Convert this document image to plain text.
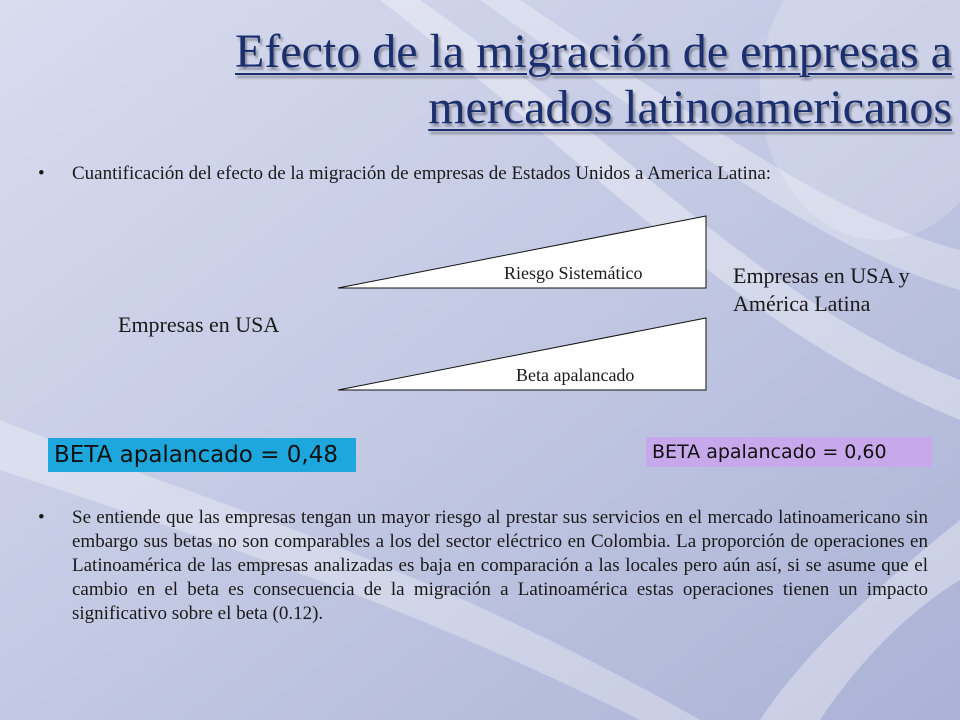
Efecto de la migración de empresas a
mercados latinoamericanos
• Cuantificación del efecto de la migración de empresas de Estados Unidos a America Latina:
Riesgo Sistemático
Beta apalancado
Empresas en USA
Empresas en USA y América Latina
BETA apalancado = 0,48	BETA apalancado = 0,60
• Se entiende que las empresas tengan un mayor riesgo al prestar sus servicios en el mercado latinoamericano sin embargo sus betas no son comparables a los del sector eléctrico en Colombia. La proporción de operaciones en Latinoamérica de las empresas analizadas es baja en comparación a las locales pero aún así, si se asume que el cambio en el beta es consecuencia de la migración a Latinoamérica estas operaciones tienen un impacto significativo sobre el beta (0.12).
